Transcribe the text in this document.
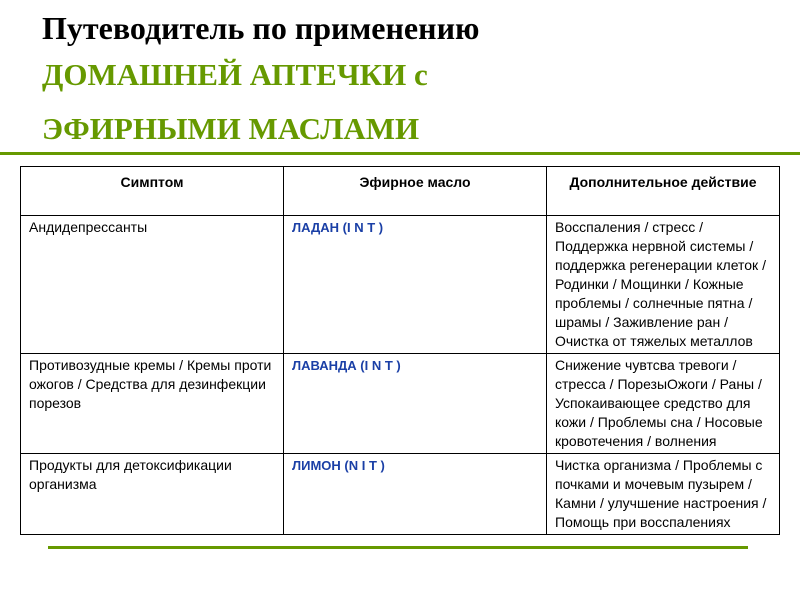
Путеводитель по применению
ДОМАШНЕЙ АПТЕЧКИ с
ЭФИРНЫМИ МАСЛАМИ
Симптом	Эфирное масло	Дополнительное действие
Андидепрессанты	ЛАДАН (I N T )	Восспаления / стресс / Поддержка нервной системы / поддержка регенерации клеток / Родинки / Мощинки / Кожные проблемы / солнечные пятна / шрамы / Заживление ран / Очистка от тяжелых металлов
Противозудные кремы / Кремы проти ожогов / Средства для дезинфекции порезов	ЛАВАНДА (I N T )	Снижение чувтсва тревоги / стресса / ПорезыОжоги / Раны / Успокаивающее средство для кожи / Проблемы сна / Носовые кровотечения / волнения
Продукты для детоксификации организма	ЛИМОН (N I T )	Чистка организма / Проблемы с почками и мочевым пузырем / Камни / улучшение настроения / Помощь при восспалениях
